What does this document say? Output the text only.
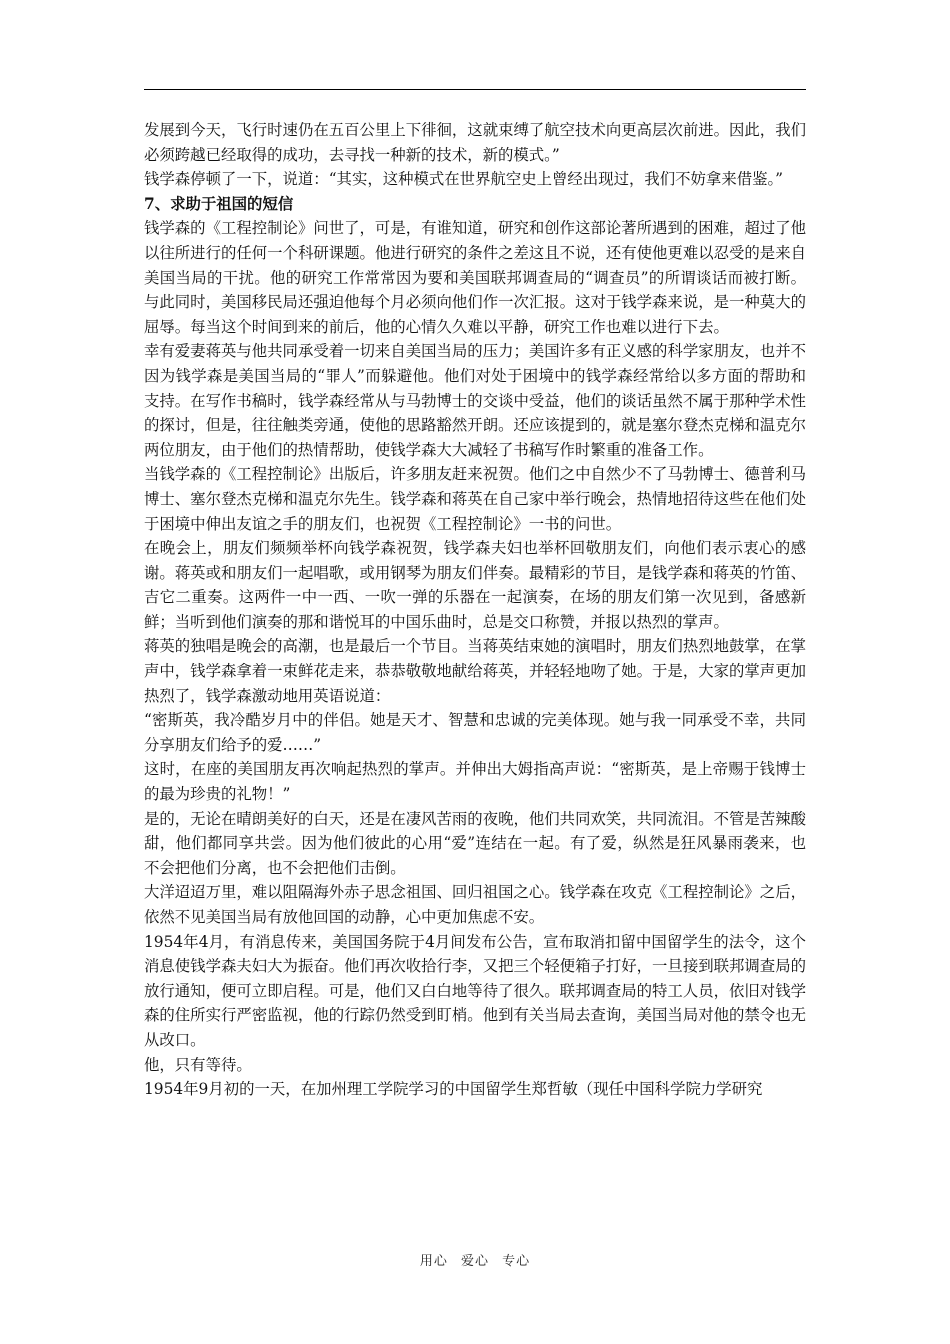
发展到今天，飞行时速仍在五百公里上下徘徊，这就束缚了航空技术向更高层次前进。因此，我们必须跨越已经取得的成功，去寻找一种新的技术，新的模式。”

钱学森停顿了一下，说道：“其实，这种模式在世界航空史上曾经出现过，我们不妨拿来借鉴。”

7、求助于祖国的短信

钱学森的《工程控制论》问世了，可是，有谁知道，研究和创作这部论著所遇到的困难，超过了他以往所进行的任何一个科研课题。他进行研究的条件之差这且不说，还有使他更难以忍受的是来自美国当局的干扰。他的研究工作常常因为要和美国联邦调查局的“调查员”的所谓谈话而被打断。与此同时，美国移民局还强迫他每个月必须向他们作一次汇报。这对于钱学森来说，是一种莫大的屈辱。每当这个时间到来的前后，他的心情久久难以平静，研究工作也难以进行下去。

幸有爱妻蒋英与他共同承受着一切来自美国当局的压力；美国许多有正义感的科学家朋友，也并不因为钱学森是美国当局的“罪人”而躲避他。他们对处于困境中的钱学森经常给以多方面的帮助和支持。在写作书稿时，钱学森经常从与马勃博士的交谈中受益，他们的谈话虽然不属于那种学术性的探讨，但是，往往触类旁通，使他的思路豁然开朗。还应该提到的，就是塞尔登杰克梯和温克尔两位朋友，由于他们的热情帮助，使钱学森大大减轻了书稿写作时繁重的准备工作。

当钱学森的《工程控制论》出版后，许多朋友赶来祝贺。他们之中自然少不了马勃博士、德普利马博士、塞尔登杰克梯和温克尔先生。钱学森和蒋英在自己家中举行晚会，热情地招待这些在他们处于困境中伸出友谊之手的朋友们，也祝贺《工程控制论》一书的问世。

在晚会上，朋友们频频举杯向钱学森祝贺，钱学森夫妇也举杯回敬朋友们，向他们表示衷心的感谢。蒋英或和朋友们一起唱歌，或用钢琴为朋友们伴奏。最精彩的节目，是钱学森和蒋英的竹笛、吉它二重奏。这两件一中一西、一吹一弹的乐器在一起演奏，在场的朋友们第一次见到，备感新鲜；当听到他们演奏的那和谐悦耳的中国乐曲时，总是交口称赞，并报以热烈的掌声。

蒋英的独唱是晚会的高潮，也是最后一个节目。当蒋英结束她的演唱时，朋友们热烈地鼓掌，在掌声中，钱学森拿着一束鲜花走来，恭恭敬敬地献给蒋英，并轻轻地吻了她。于是，大家的掌声更加热烈了，钱学森激动地用英语说道：

“密斯英，我冷酷岁月中的伴侣。她是天才、智慧和忠诚的完美体现。她与我一同承受不幸，共同分享朋友们给予的爱……”

这时，在座的美国朋友再次响起热烈的掌声。并伸出大姆指高声说：“密斯英，是上帝赐于钱博士的最为珍贵的礼物！”

是的，无论在晴朗美好的白天，还是在凄风苦雨的夜晚，他们共同欢笑，共同流泪。不管是苦辣酸甜，他们都同享共尝。因为他们彼此的心用“爱”连结在一起。有了爱，纵然是狂风暴雨袭来，也不会把他们分离，也不会把他们击倒。

大洋迢迢万里，难以阻隔海外赤子思念祖国、回归祖国之心。钱学森在攻克《工程控制论》之后，依然不见美国当局有放他回国的动静，心中更加焦虑不安。

1954年4月，有消息传来，美国国务院于4月间发布公告，宣布取消扣留中国留学生的法令，这个消息使钱学森夫妇大为振奋。他们再次收拾行李，又把三个轻便箱子打好，一旦接到联邦调查局的放行通知，便可立即启程。可是，他们又白白地等待了很久。联邦调查局的特工人员，依旧对钱学森的住所实行严密监视，他的行踪仍然受到盯梢。他到有关当局去查询，美国当局对他的禁令也无从改口。

他，只有等待。

1954年9月初的一天，在加州理工学院学习的中国留学生郑哲敏（现任中国科学院力学研究

用心 爱心 专心
